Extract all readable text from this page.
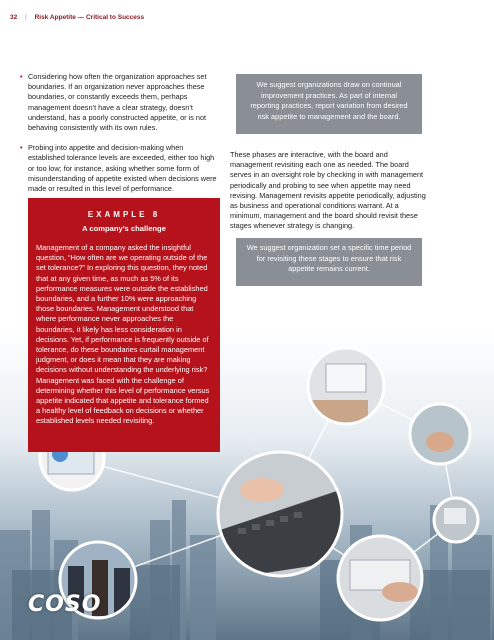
32 | Risk Appetite — Critical to Success
• Considering how often the organization approaches set boundaries. If an organization never approaches these boundaries, or constantly exceeds them, perhaps management doesn’t have a clear strategy, doesn’t understand, has a poorly constructed appetite, or is not behaving consistently with its own rules.
• Probing into appetite and decision-making when established tolerance levels are exceeded, either too high or too low; for instance, asking whether some form of misunderstanding of appetite existed when decisions were made or resulted in this level of performance.
We suggest organizations draw on continual improvement practices. As part of internal reporting practices, report variation from desired risk appetite to management and the board.
These phases are interactive, with the board and management revisiting each one as needed. The board serves in an oversight role by checking in with management periodically and probing to see when appetite may need revising. Management revisits appetite periodically, adjusting as business and operational conditions warrant. At a minimum, management and the board should revisit these stages whenever strategy is changing.
We suggest organization set a specific time period for revisiting these stages to ensure that risk appetite remains current.
EXAMPLE 8
A company’s challenge
Management of a company asked the insightful question, “How often are we operating outside of the set tolerance?” In exploring this question, they noted that at any given time, as much as 5% of its performance measures were outside the established boundaries, and a further 10% were approaching those boundaries. Management understood that where performance never approaches the boundaries, it likely has less consideration in decisions. Yet, if performance is frequently outside of tolerance, do these boundaries curtail management judgment, or does it mean that they are making decisions without understanding the underlying risk? Management was faced with the challenge of determining whether this level of performance versus appetite indicated that appetite and tolerance formed a healthy level of feedback on decisions or whether established levels needed revisiting.
COSO
